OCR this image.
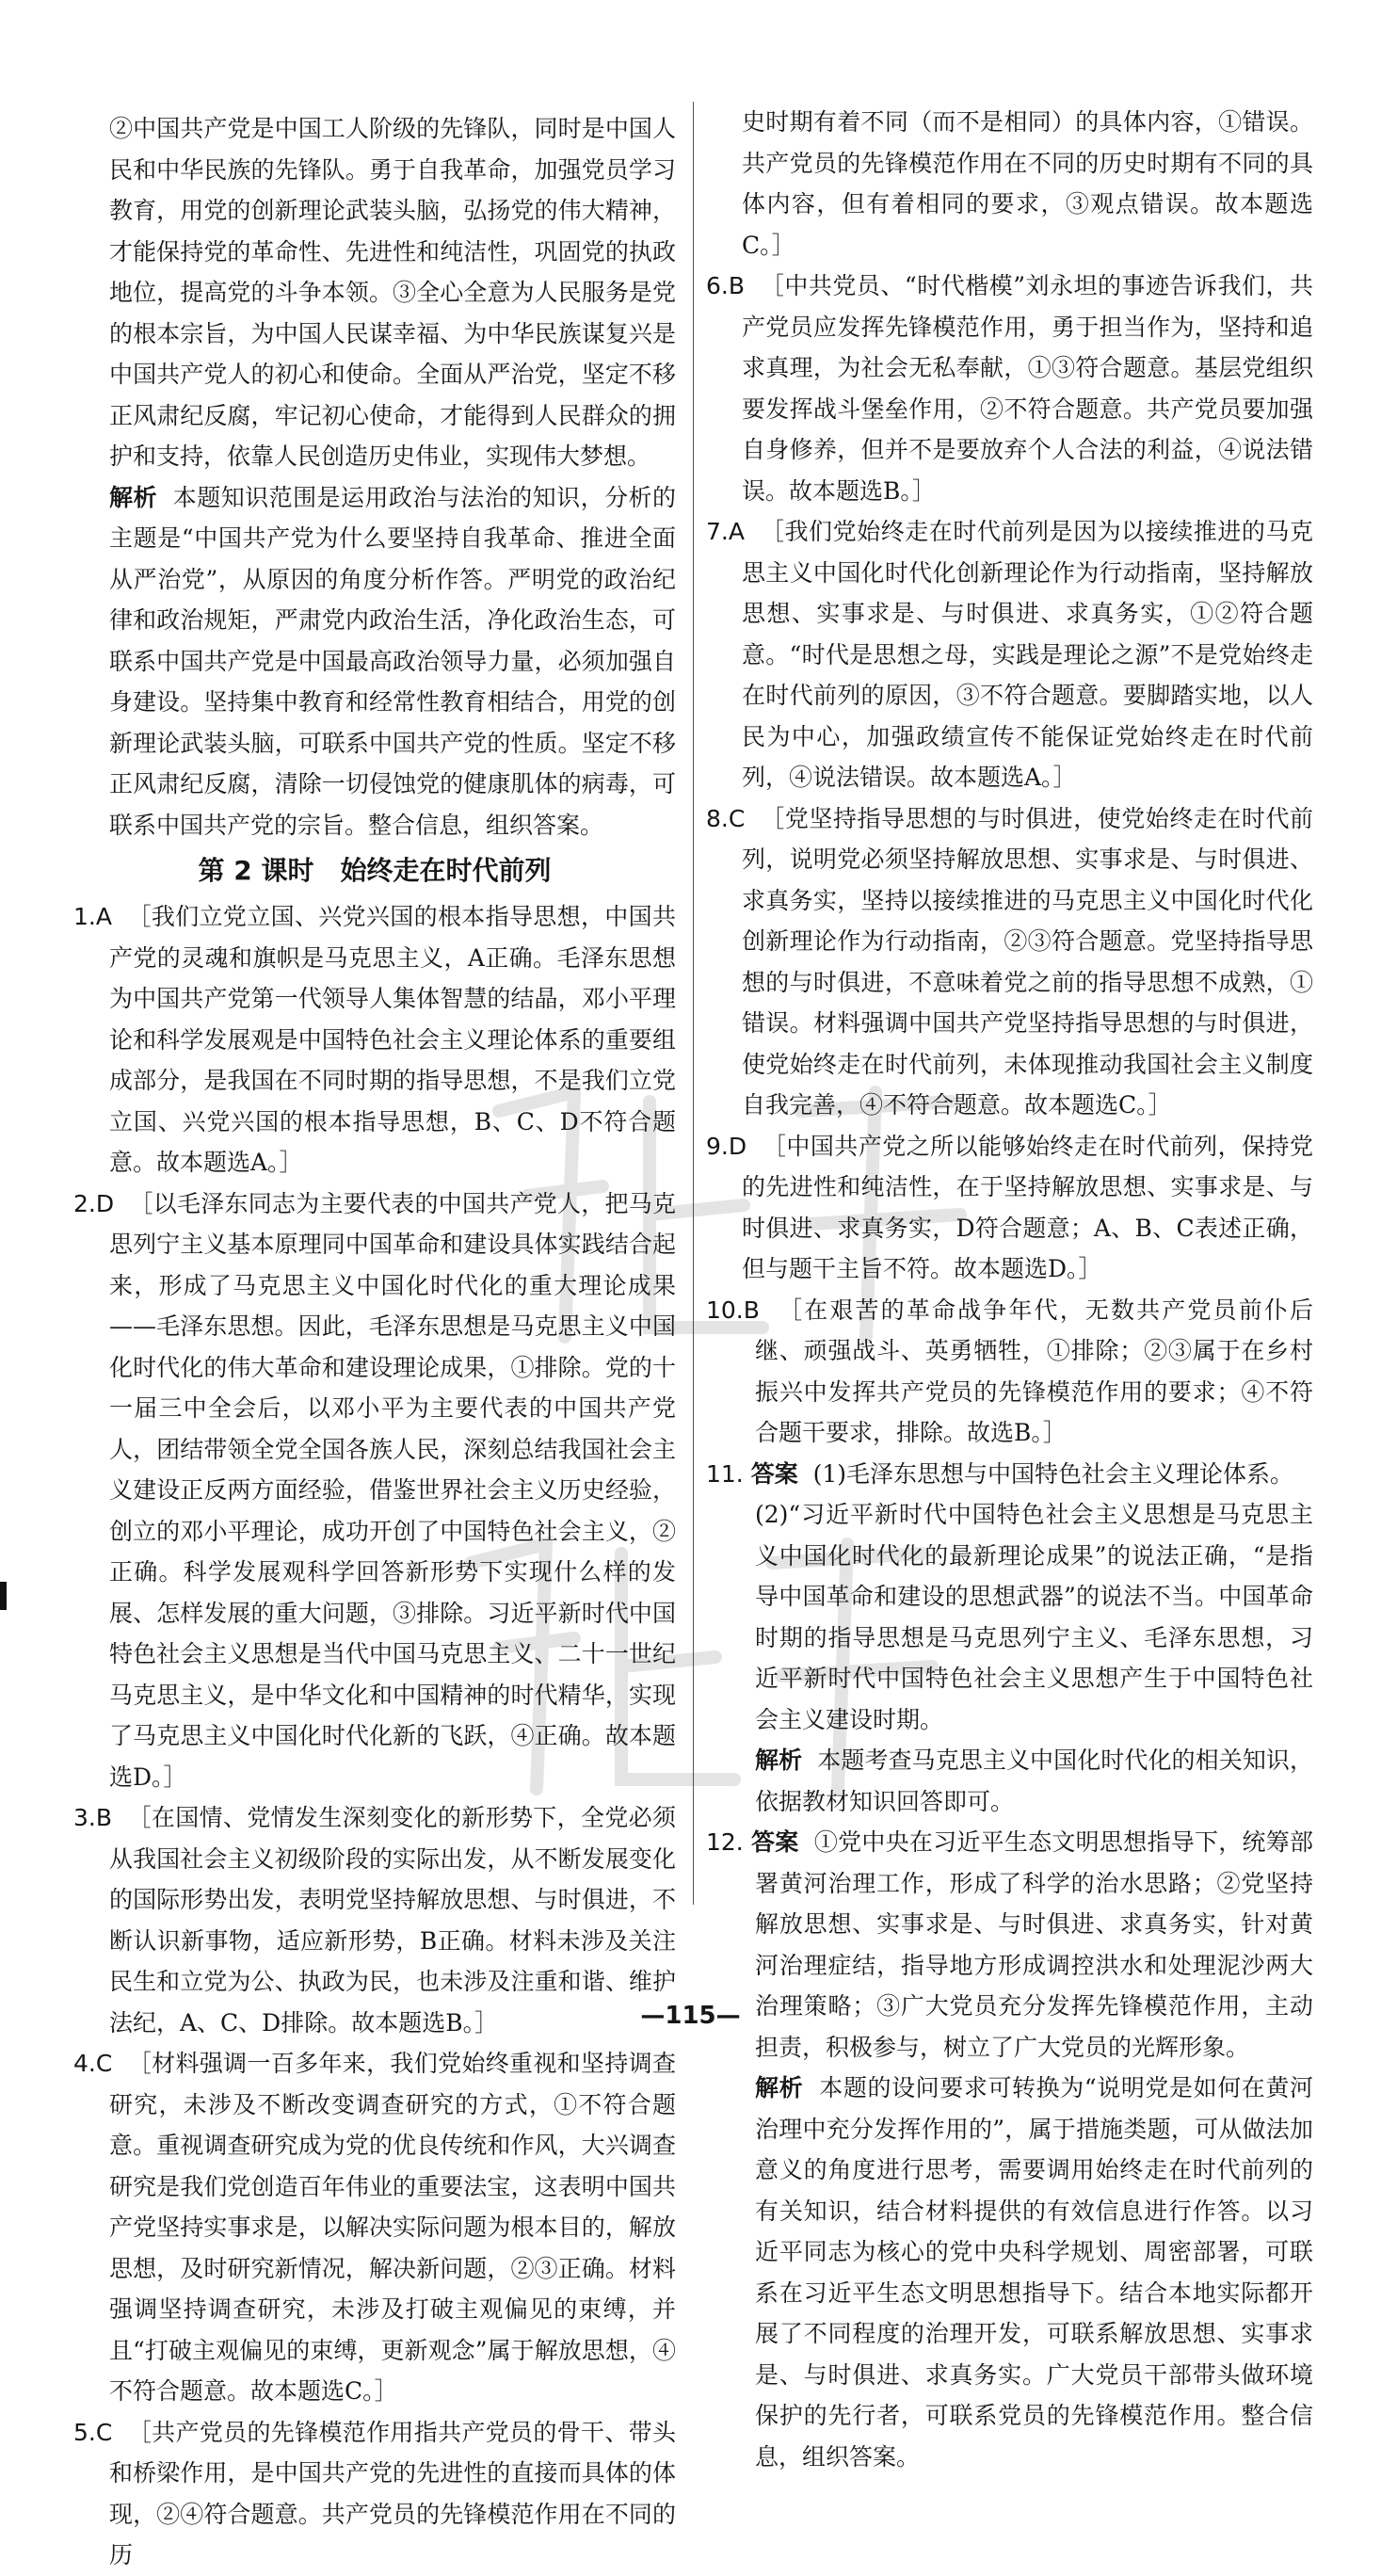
②中国共产党是中国工人阶级的先锋队，同时是中国人民和中华民族的先锋队。勇于自我革命，加强党员学习教育，用党的创新理论武装头脑，弘扬党的伟大精神，才能保持党的革命性、先进性和纯洁性，巩固党的执政地位，提高党的斗争本领。③全心全意为人民服务是党的根本宗旨，为中国人民谋幸福、为中华民族谋复兴是中国共产党人的初心和使命。全面从严治党，坚定不移正风肃纪反腐，牢记初心使命，才能得到人民群众的拥护和支持，依靠人民创造历史伟业，实现伟大梦想。

解析 本题知识范围是运用政治与法治的知识，分析的主题是“中国共产党为什么要坚持自我革命、推进全面从严治党”，从原因的角度分析作答。严明党的政治纪律和政治规矩，严肃党内政治生活，净化政治生态，可联系中国共产党是中国最高政治领导力量，必须加强自身建设。坚持集中教育和经常性教育相结合，用党的创新理论武装头脑，可联系中国共产党的性质。坚定不移正风肃纪反腐，清除一切侵蚀党的健康肌体的病毒，可联系中国共产党的宗旨。整合信息，组织答案。

第 2 课时　始终走在时代前列

1.A ［我们立党立国、兴党兴国的根本指导思想，中国共产党的灵魂和旗帜是马克思主义，A正确。毛泽东思想为中国共产党第一代领导人集体智慧的结晶，邓小平理论和科学发展观是中国特色社会主义理论体系的重要组成部分，是我国在不同时期的指导思想，不是我们立党立国、兴党兴国的根本指导思想，B、C、D不符合题意。故本题选A。］

2.D ［以毛泽东同志为主要代表的中国共产党人，把马克思列宁主义基本原理同中国革命和建设具体实践结合起来，形成了马克思主义中国化时代化的重大理论成果——毛泽东思想。因此，毛泽东思想是马克思主义中国化时代化的伟大革命和建设理论成果，①排除。党的十一届三中全会后，以邓小平为主要代表的中国共产党人，团结带领全党全国各族人民，深刻总结我国社会主义建设正反两方面经验，借鉴世界社会主义历史经验，创立的邓小平理论，成功开创了中国特色社会主义，②正确。科学发展观科学回答新形势下实现什么样的发展、怎样发展的重大问题，③排除。习近平新时代中国特色社会主义思想是当代中国马克思主义、二十一世纪马克思主义，是中华文化和中国精神的时代精华，实现了马克思主义中国化时代化新的飞跃，④正确。故本题选D。］

3.B ［在国情、党情发生深刻变化的新形势下，全党必须从我国社会主义初级阶段的实际出发，从不断发展变化的国际形势出发，表明党坚持解放思想、与时俱进，不断认识新事物，适应新形势，B正确。材料未涉及关注民生和立党为公、执政为民，也未涉及注重和谐、维护法纪，A、C、D排除。故本题选B。］

4.C ［材料强调一百多年来，我们党始终重视和坚持调查研究，未涉及不断改变调查研究的方式，①不符合题意。重视调查研究成为党的优良传统和作风，大兴调查研究是我们党创造百年伟业的重要法宝，这表明中国共产党坚持实事求是，以解决实际问题为根本目的，解放思想，及时研究新情况，解决新问题，②③正确。材料强调坚持调查研究，未涉及打破主观偏见的束缚，并且“打破主观偏见的束缚，更新观念”属于解放思想，④不符合题意。故本题选C。］

5.C ［共产党员的先锋模范作用指共产党员的骨干、带头和桥梁作用，是中国共产党的先进性的直接而具体的体现，②④符合题意。共产党员的先锋模范作用在不同的历

史时期有着不同（而不是相同）的具体内容，①错误。共产党员的先锋模范作用在不同的历史时期有不同的具体内容，但有着相同的要求，③观点错误。故本题选C。］

6.B ［中共党员、“时代楷模”刘永坦的事迹告诉我们，共产党员应发挥先锋模范作用，勇于担当作为，坚持和追求真理，为社会无私奉献，①③符合题意。基层党组织要发挥战斗堡垒作用，②不符合题意。共产党员要加强自身修养，但并不是要放弃个人合法的利益，④说法错误。故本题选B。］

7.A ［我们党始终走在时代前列是因为以接续推进的马克思主义中国化时代化创新理论作为行动指南，坚持解放思想、实事求是、与时俱进、求真务实，①②符合题意。“时代是思想之母，实践是理论之源”不是党始终走在时代前列的原因，③不符合题意。要脚踏实地，以人民为中心，加强政绩宣传不能保证党始终走在时代前列，④说法错误。故本题选A。］

8.C ［党坚持指导思想的与时俱进，使党始终走在时代前列，说明党必须坚持解放思想、实事求是、与时俱进、求真务实，坚持以接续推进的马克思主义中国化时代化创新理论作为行动指南，②③符合题意。党坚持指导思想的与时俱进，不意味着党之前的指导思想不成熟，①错误。材料强调中国共产党坚持指导思想的与时俱进，使党始终走在时代前列，未体现推动我国社会主义制度自我完善，④不符合题意。故本题选C。］

9.D ［中国共产党之所以能够始终走在时代前列，保持党的先进性和纯洁性，在于坚持解放思想、实事求是、与时俱进、求真务实，D符合题意；A、B、C表述正确，但与题干主旨不符。故本题选D。］

10.B ［在艰苦的革命战争年代，无数共产党员前仆后继、顽强战斗、英勇牺牲，①排除；②③属于在乡村振兴中发挥共产党员的先锋模范作用的要求；④不符合题干要求，排除。故选B。］

11. 答案 (1)毛泽东思想与中国特色社会主义理论体系。

(2)“习近平新时代中国特色社会主义思想是马克思主义中国化时代化的最新理论成果”的说法正确，“是指导中国革命和建设的思想武器”的说法不当。中国革命时期的指导思想是马克思列宁主义、毛泽东思想，习近平新时代中国特色社会主义思想产生于中国特色社会主义建设时期。

解析 本题考查马克思主义中国化时代化的相关知识，依据教材知识回答即可。

12. 答案 ①党中央在习近平生态文明思想指导下，统筹部署黄河治理工作，形成了科学的治水思路；②党坚持解放思想、实事求是、与时俱进、求真务实，针对黄河治理症结，指导地方形成调控洪水和处理泥沙两大治理策略；③广大党员充分发挥先锋模范作用，主动担责，积极参与，树立了广大党员的光辉形象。

解析 本题的设问要求可转换为“说明党是如何在黄河治理中充分发挥作用的”，属于措施类题，可从做法加意义的角度进行思考，需要调用始终走在时代前列的有关知识，结合材料提供的有效信息进行作答。以习近平同志为核心的党中央科学规划、周密部署，可联系在习近平生态文明思想指导下。结合本地实际都开展了不同程度的治理开发，可联系解放思想、实事求是、与时俱进、求真务实。广大党员干部带头做环境保护的先行者，可联系党员的先锋模范作用。整合信息，组织答案。

—115—
